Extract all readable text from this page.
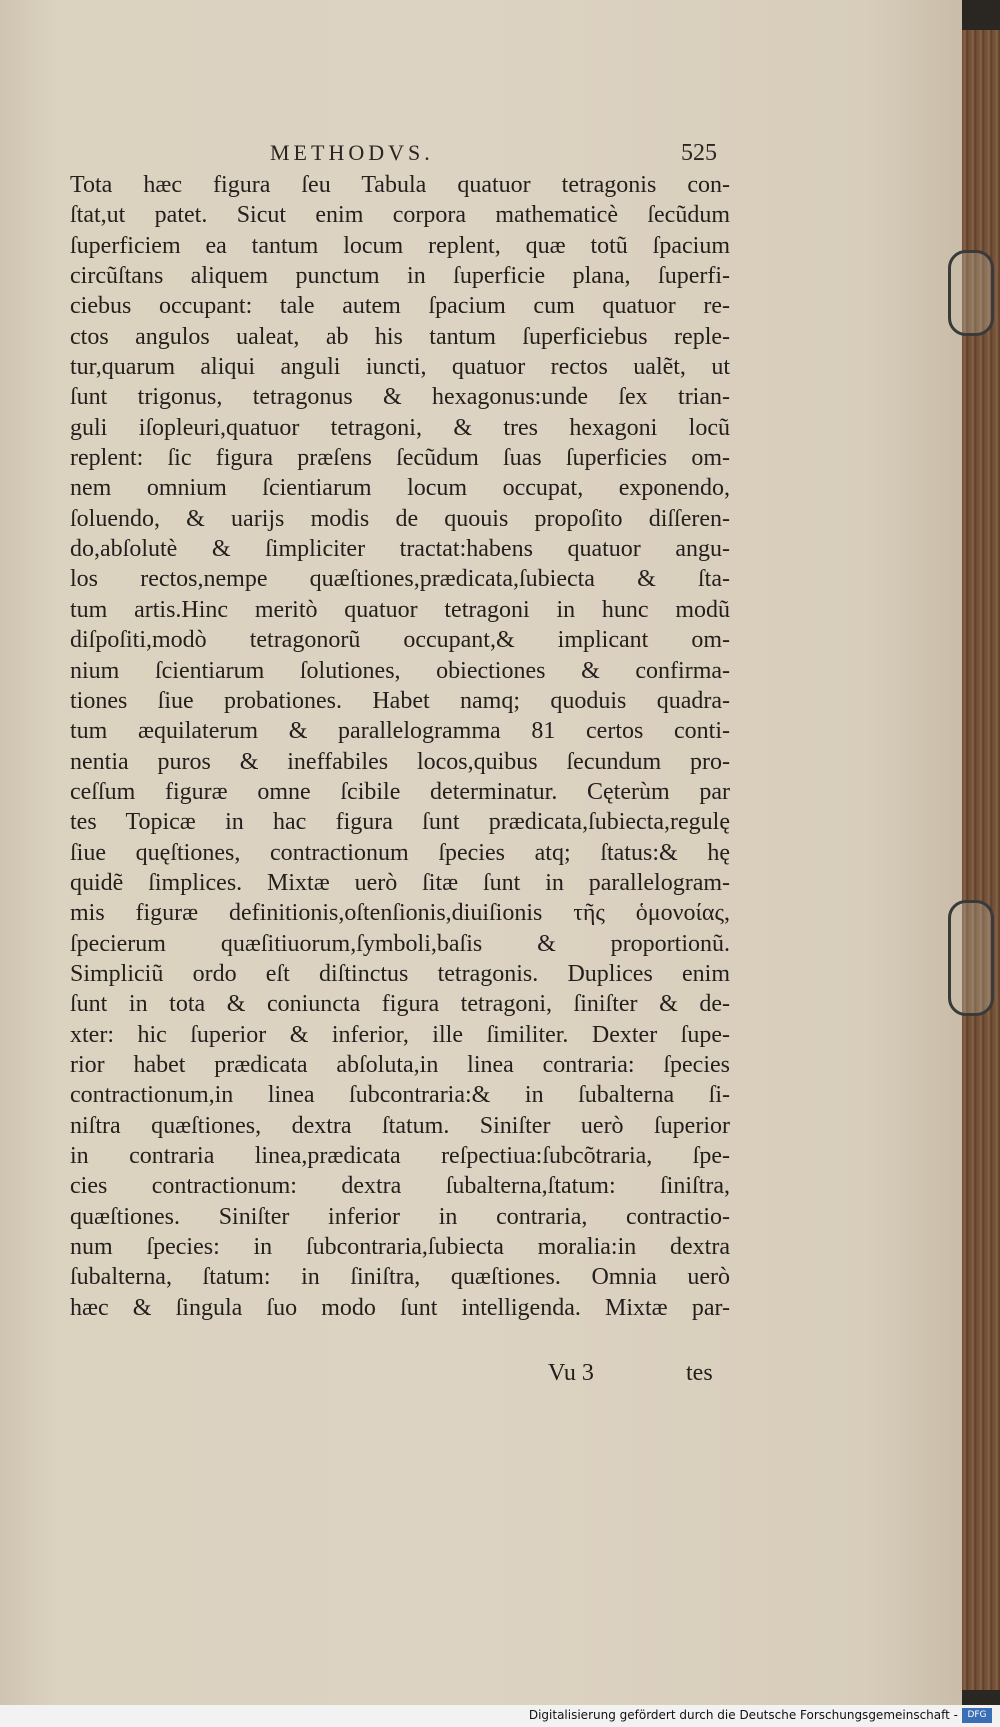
METHODVS.	525
Tota hæc figura ſeu Tabula quatuor tetragonis con-
ſtat,ut patet. Sicut enim corpora mathematicè ſecũdum
ſuperficiem ea tantum locum replent, quæ totũ ſpacium
circũſtans aliquem punctum in ſuperficie plana, ſuperfi-
ciebus occupant: tale autem ſpacium cum quatuor re-
ctos angulos ualeat, ab his tantum ſuperficiebus reple-
tur,quarum aliqui anguli iuncti, quatuor rectos ualẽt, ut
ſunt trigonus, tetragonus & hexagonus:unde ſex trian-
guli iſopleuri,quatuor tetragoni, & tres hexagoni locũ
replent: ſic figura præſens ſecũdum ſuas ſuperficies om-
nem omnium ſcientiarum locum occupat, exponendo,
ſoluendo, & uarijs modis de quouis propoſito diſſeren-
do,abſolutè & ſimpliciter tractat:habens quatuor angu-
los rectos,nempe quæſtiones,prædicata,ſubiecta & ſta-
tum artis.Hinc meritò quatuor tetragoni in hunc modũ
diſpoſiti,modò tetragonorũ occupant,& implicant om-
nium ſcientiarum ſolutiones, obiectiones & confirma-
tiones ſiue probationes. Habet namq; quoduis quadra-
tum æquilaterum & parallelogramma 81 certos conti-
nentia puros & ineffabiles locos,quibus ſecundum pro-
ceſſum figuræ omne ſcibile determinatur. Cęterùm par
tes Topicæ in hac figura ſunt prædicata,ſubiecta,regulę
ſiue quęſtiones, contractionum ſpecies atq; ſtatus:& hę
quidẽ ſimplices. Mixtæ uerò ſitæ ſunt in parallelogram-
mis figuræ definitionis,oſtenſionis,diuiſionis τῆς ὁμονοίας,
ſpecierum quæſitiuorum,ſymboli,baſis & proportionũ.
Simpliciũ ordo eſt diſtinctus tetragonis. Duplices enim
ſunt in tota & coniuncta figura tetragoni, ſiniſter & de-
xter: hic ſuperior & inferior, ille ſimiliter. Dexter ſupe-
rior habet prædicata abſoluta,in linea contraria: ſpecies
contractionum,in linea ſubcontraria:& in ſubalterna ſi-
niſtra quæſtiones, dextra ſtatum. Siniſter uerò ſuperior
in contraria linea,prædicata reſpectiua:ſubcõtraria, ſpe-
cies contractionum: dextra ſubalterna,ſtatum: ſiniſtra,
quæſtiones. Siniſter inferior in contraria, contractio-
num ſpecies: in ſubcontraria,ſubiecta moralia:in dextra
ſubalterna, ſtatum: in ſiniſtra, quæſtiones. Omnia uerò
hæc & ſingula ſuo modo ſunt intelligenda. Mixtæ par-
Vu 3	tes
Digitalisierung gefördert durch die Deutsche Forschungsgemeinschaft -	DFG
